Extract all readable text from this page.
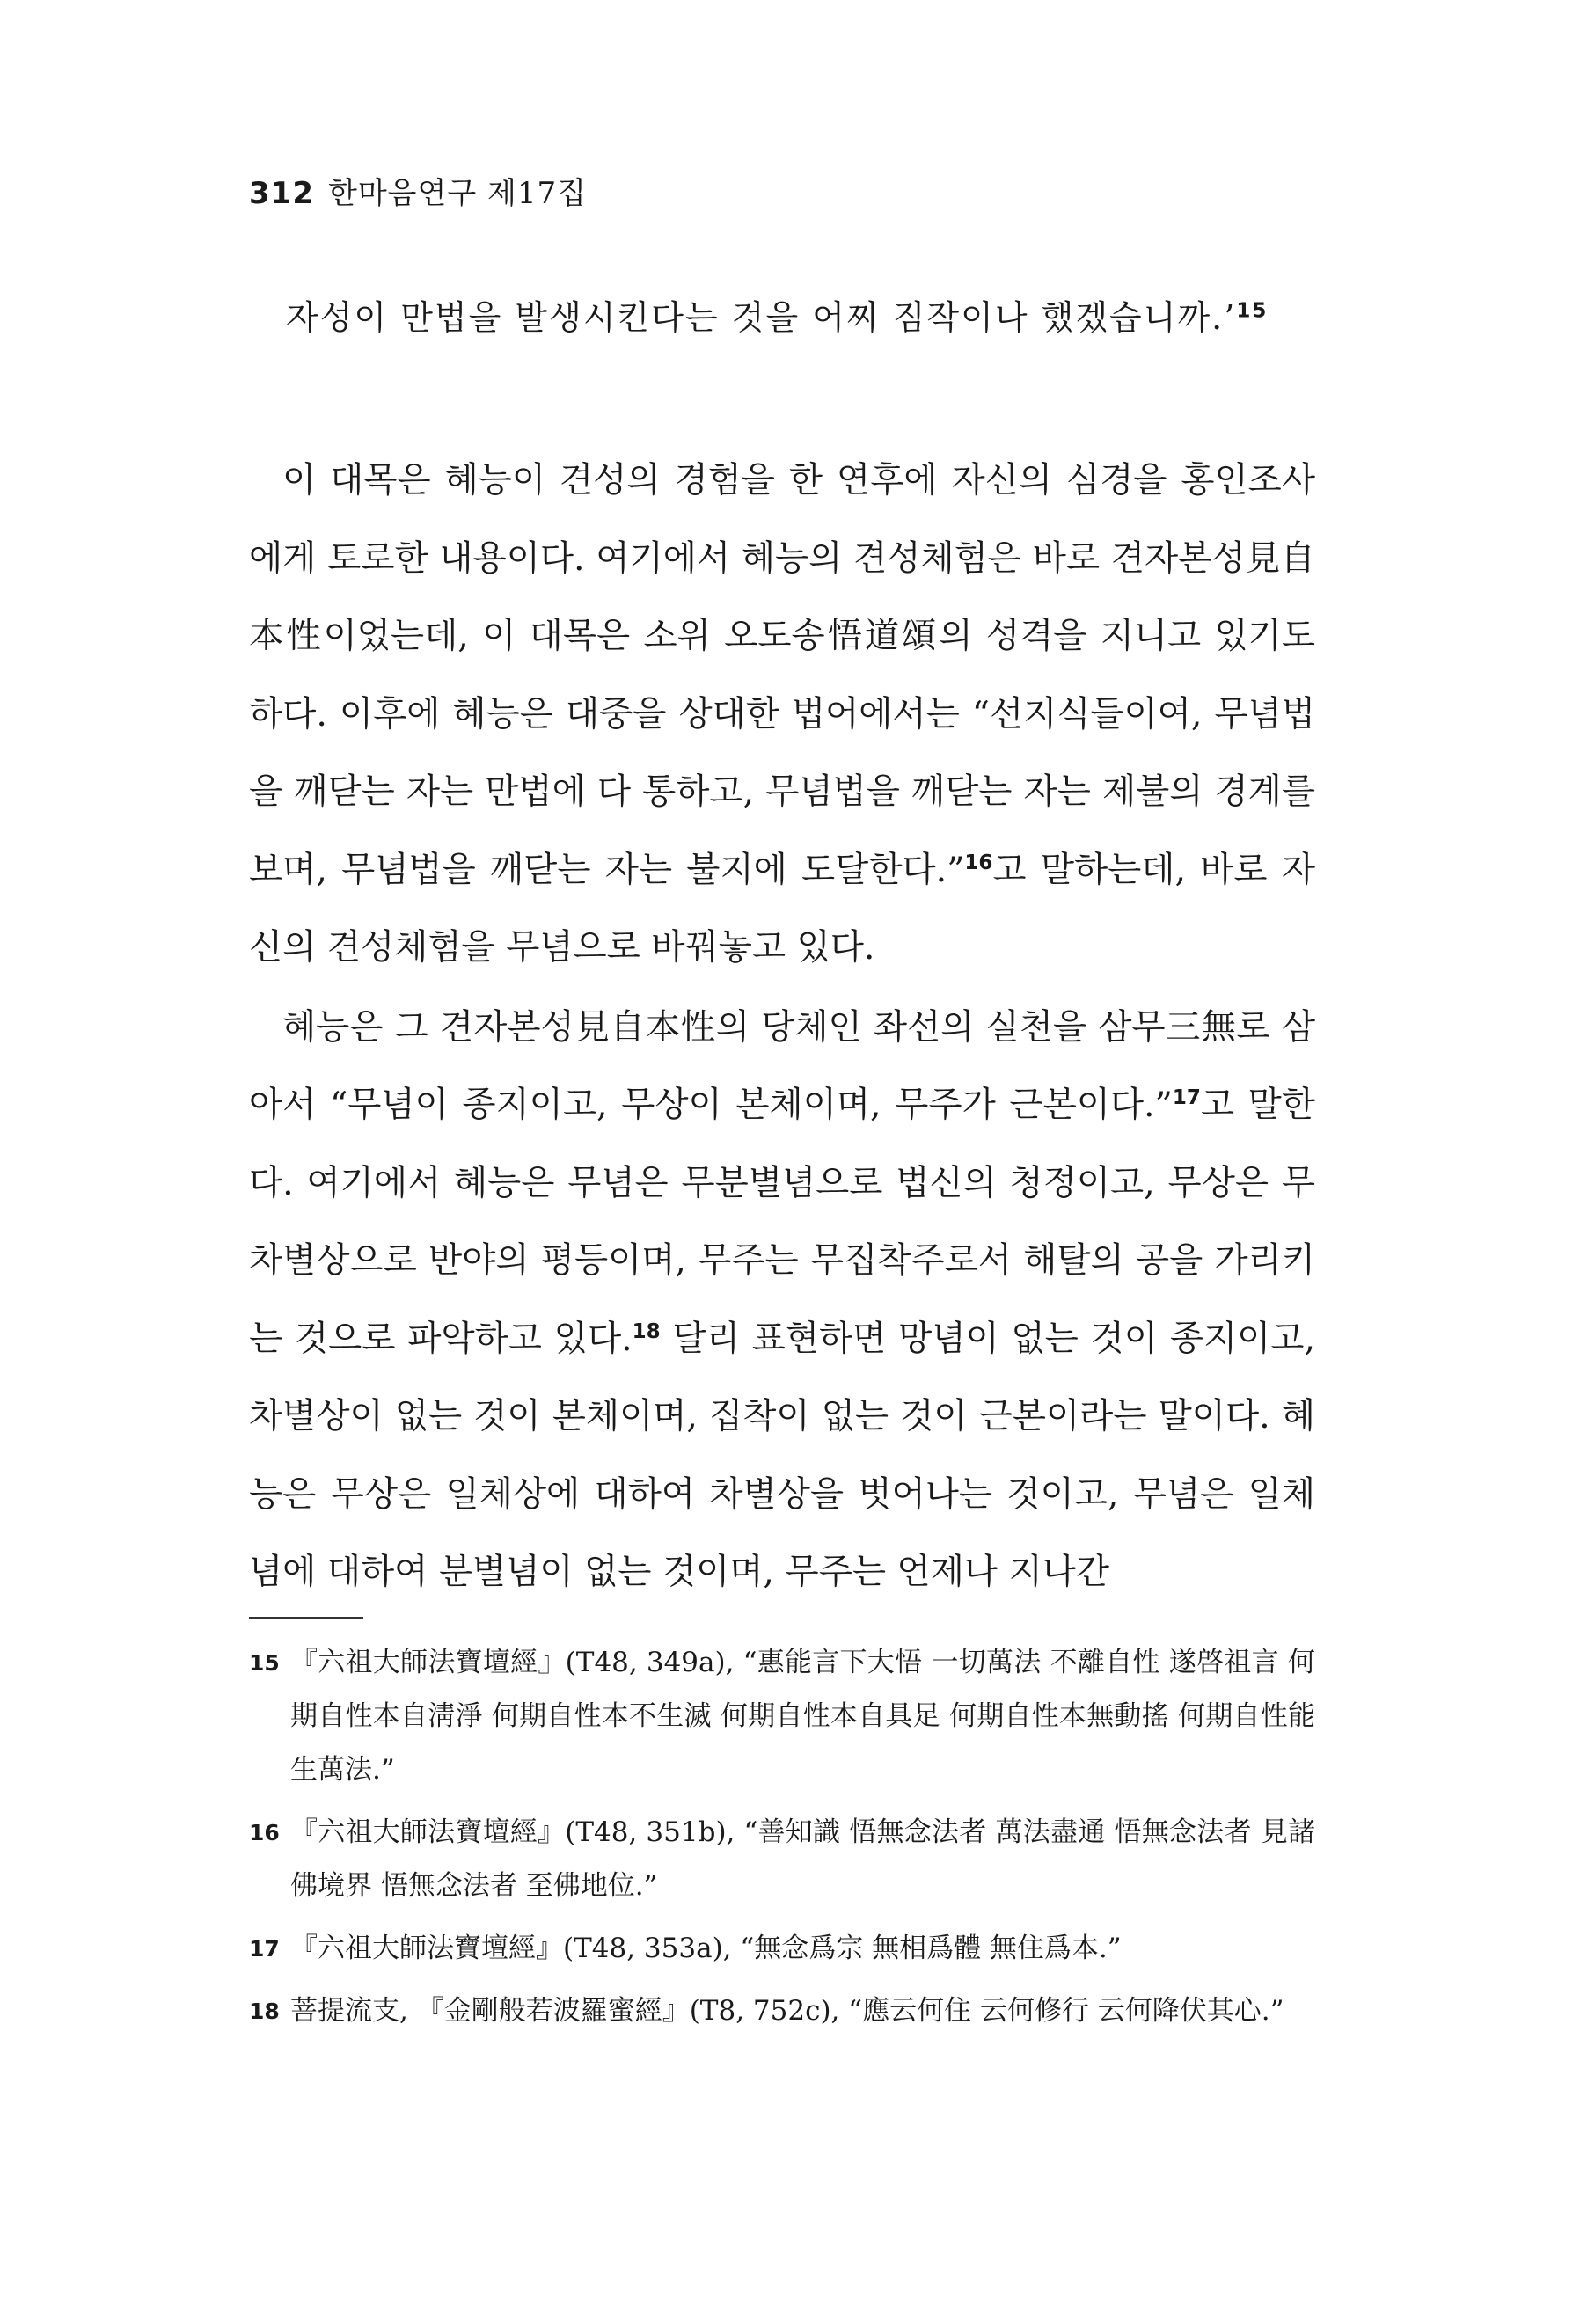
312 한마음연구 제17집
자성이 만법을 발생시킨다는 것을 어찌 짐작이나 했겠습니까.’$^{15}$

이 대목은 혜능이 견성의 경험을 한 연후에 자신의 심경을 홍인조사에게 토로한 내용이다. 여기에서 혜능의 견성체험은 바로 견자본성見自本性이었는데, 이 대목은 소위 오도송悟道頌의 성격을 지니고 있기도 하다. 이후에 혜능은 대중을 상대한 법어에서는 “선지식들이여, 무념법을 깨닫는 자는 만법에 다 통하고, 무념법을 깨닫는 자는 제불의 경계를 보며, 무념법을 깨닫는 자는 불지에 도달한다.”$^{16}$고 말하는데, 바로 자신의 견성체험을 무념으로 바꿔놓고 있다.

혜능은 그 견자본성見自本性의 당체인 좌선의 실천을 삼무三無로 삼아서 “무념이 종지이고, 무상이 본체이며, 무주가 근본이다.”$^{17}$고 말한다. 여기에서 혜능은 무념은 무분별념으로 법신의 청정이고, 무상은 무차별상으로 반야의 평등이며, 무주는 무집착주로서 해탈의 공을 가리키는 것으로 파악하고 있다.$^{18}$ 달리 표현하면 망념이 없는 것이 종지이고, 차별상이 없는 것이 본체이며, 집착이 없는 것이 근본이라는 말이다. 혜능은 무상은 일체상에 대하여 차별상을 벗어나는 것이고, 무념은 일체념에 대하여 분별념이 없는 것이며, 무주는 언제나 지나간

15 『六祖大師法寶壇經』(T48, 349a), “惠能言下大悟 一切萬法 不離自性 遂啓祖言 何期自性本自淸淨 何期自性本不生滅 何期自性本自具足 何期自性本無動搖 何期自性能生萬法.”
16 『六祖大師法寶壇經』(T48, 351b), “善知識 悟無念法者 萬法盡通 悟無念法者 見諸佛境界 悟無念法者 至佛地位.”
17 『六祖大師法寶壇經』(T48, 353a), “無念爲宗 無相爲體 無住爲本.”
18 菩提流支, 『金剛般若波羅蜜經』(T8, 752c), “應云何住 云何修行 云何降伏其心.”
